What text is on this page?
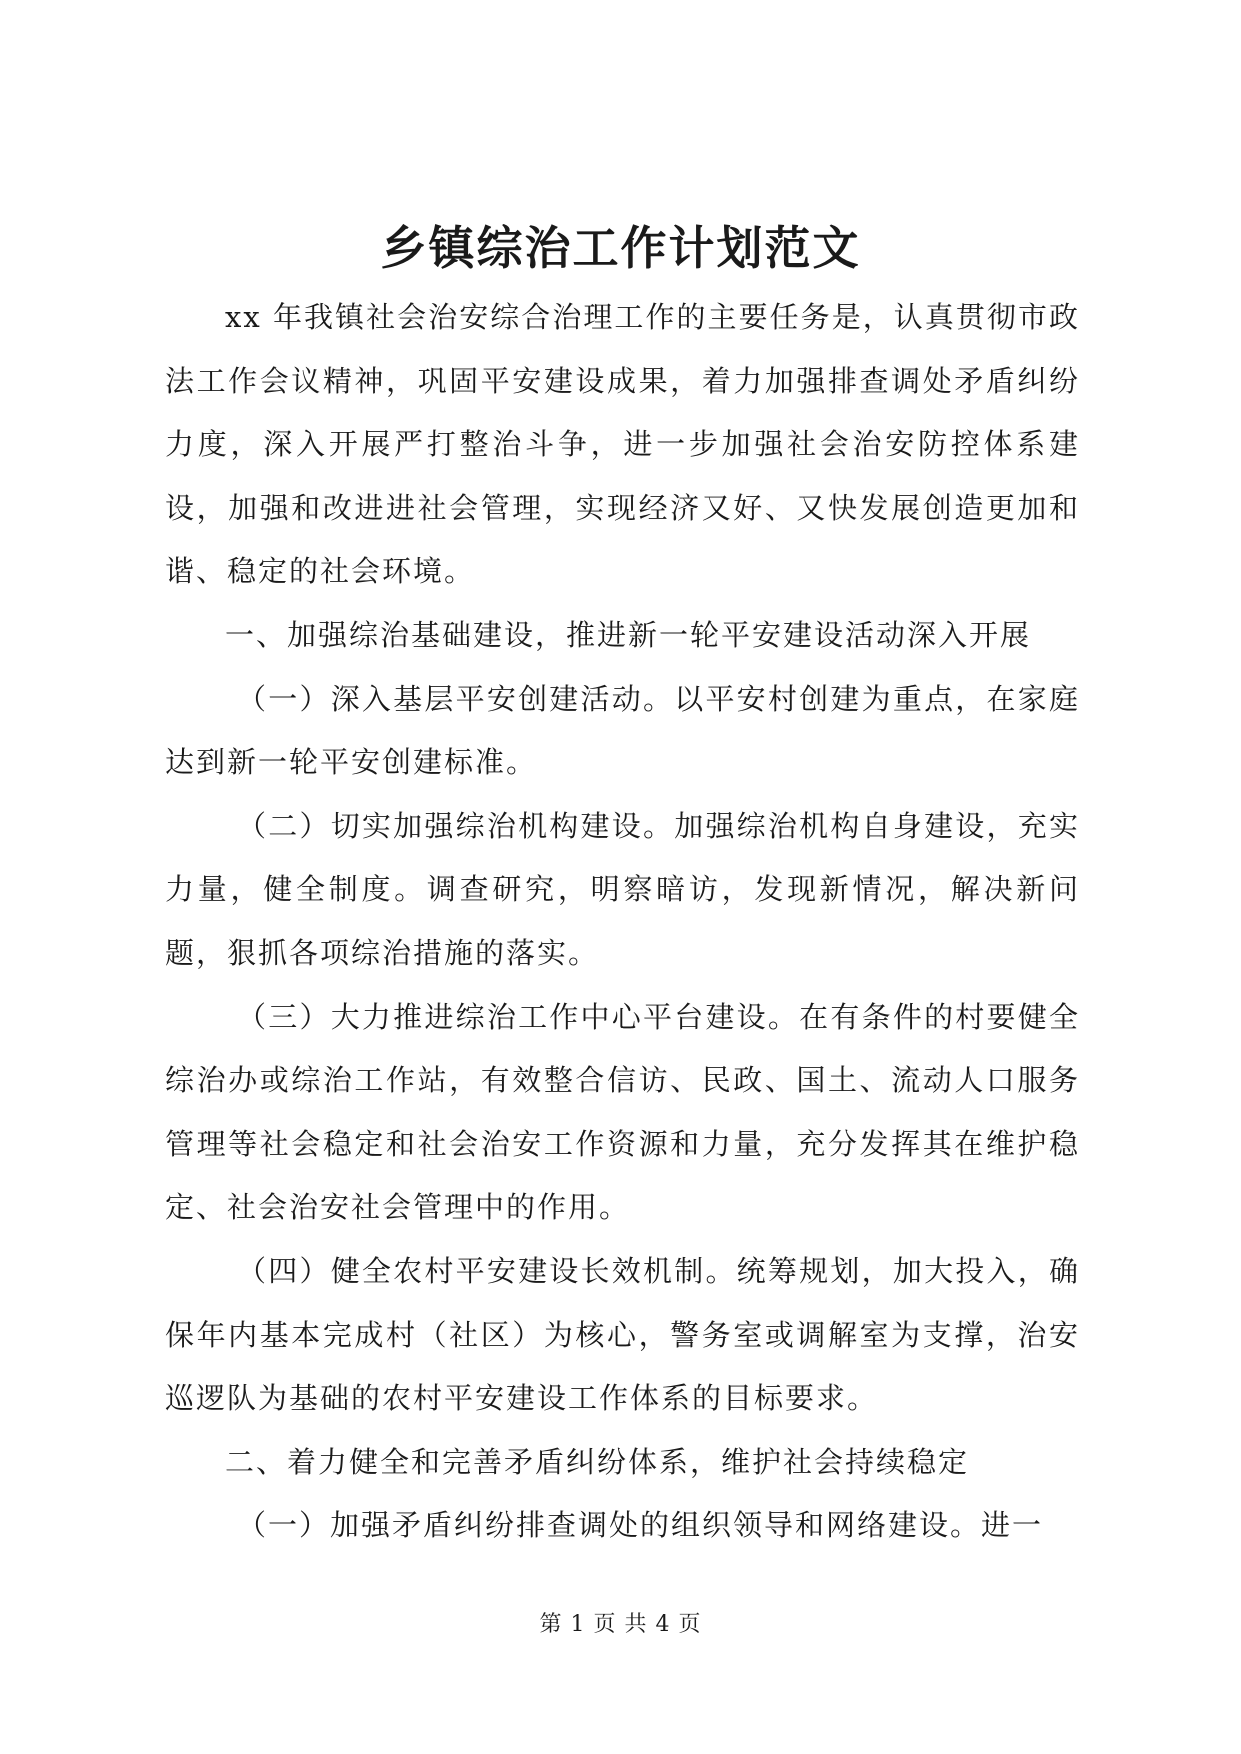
乡镇综治工作计划范文

xx 年我镇社会治安综合治理工作的主要任务是，认真贯彻市政法工作会议精神，巩固平安建设成果，着力加强排查调处矛盾纠纷力度，深入开展严打整治斗争，进一步加强社会治安防控体系建设，加强和改进进社会管理，实现经济又好、又快发展创造更加和谐、稳定的社会环境。

一、加强综治基础建设，推进新一轮平安建设活动深入开展

（一）深入基层平安创建活动。以平安村创建为重点，在家庭达到新一轮平安创建标准。

（二）切实加强综治机构建设。加强综治机构自身建设，充实力量，健全制度。调查研究，明察暗访，发现新情况，解决新问题，狠抓各项综治措施的落实。

（三）大力推进综治工作中心平台建设。在有条件的村要健全综治办或综治工作站，有效整合信访、民政、国土、流动人口服务管理等社会稳定和社会治安工作资源和力量，充分发挥其在维护稳定、社会治安社会管理中的作用。

（四）健全农村平安建设长效机制。统筹规划，加大投入，确保年内基本完成村（社区）为核心，警务室或调解室为支撑，治安巡逻队为基础的农村平安建设工作体系的目标要求。

二、着力健全和完善矛盾纠纷体系，维护社会持续稳定

（一）加强矛盾纠纷排查调处的组织领导和网络建设。进一

第 1 页 共 4 页
